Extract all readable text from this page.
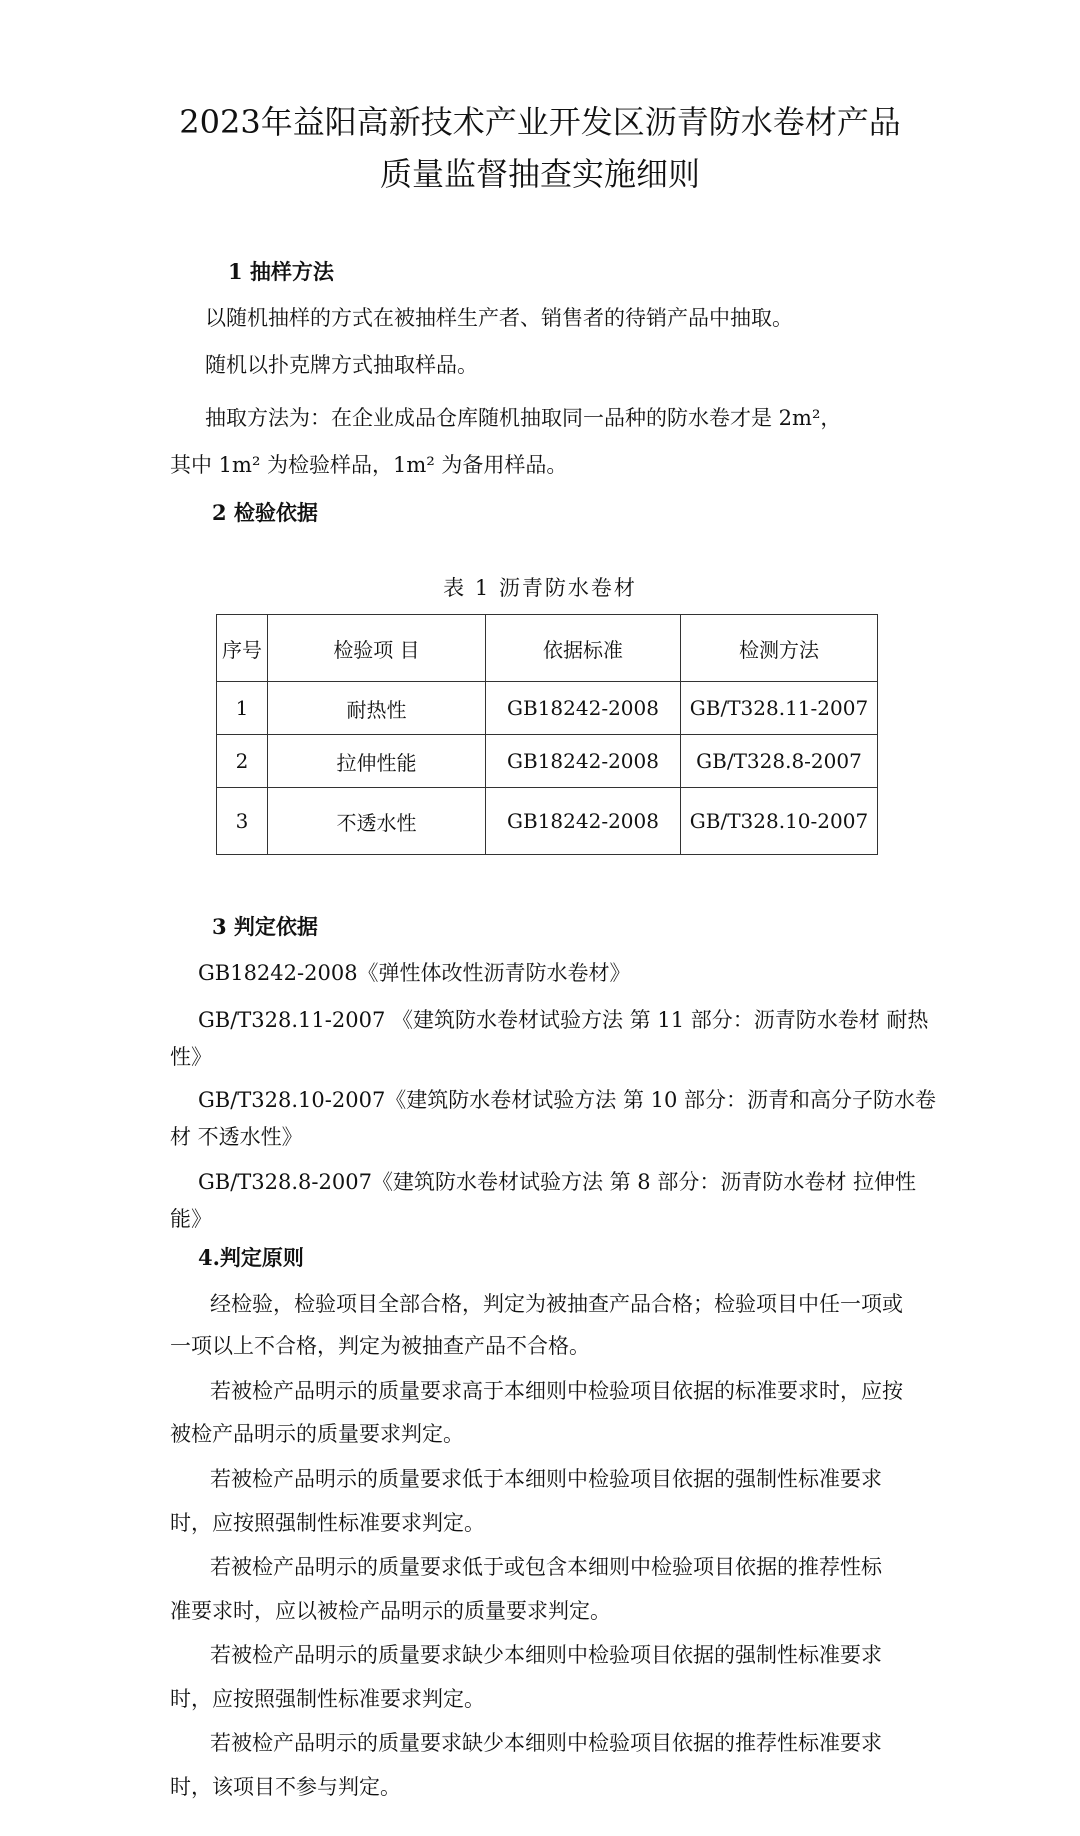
2023年益阳高新技术产业开发区沥青防水卷材产品
质量监督抽查实施细则
1 抽样方法
以随机抽样的方式在被抽样生产者、销售者的待销产品中抽取。
随机以扑克牌方式抽取样品。
抽取方法为：在企业成品仓库随机抽取同一品种的防水卷才是 2m²，
其中 1m² 为检验样品，1m² 为备用样品。
2 检验依据
表 1 沥青防水卷材
序号	检验项 目	依据标准	检测方法
1	耐热性	GB18242-2008	GB/T328.11-2007
2	拉伸性能	GB18242-2008	GB/T328.8-2007
3	不透水性	GB18242-2008	GB/T328.10-2007
3 判定依据
GB18242-2008《弹性体改性沥青防水卷材》
GB/T328.11-2007 《建筑防水卷材试验方法 第 11 部分：沥青防水卷材 耐热
性》
GB/T328.10-2007《建筑防水卷材试验方法 第 10 部分：沥青和高分子防水卷
材 不透水性》
GB/T328.8-2007《建筑防水卷材试验方法 第 8 部分：沥青防水卷材 拉伸性
能》
4.判定原则
经检验，检验项目全部合格，判定为被抽查产品合格；检验项目中任一项或
一项以上不合格，判定为被抽查产品不合格。
若被检产品明示的质量要求高于本细则中检验项目依据的标准要求时，应按
被检产品明示的质量要求判定。
若被检产品明示的质量要求低于本细则中检验项目依据的强制性标准要求
时，应按照强制性标准要求判定。
若被检产品明示的质量要求低于或包含本细则中检验项目依据的推荐性标
准要求时，应以被检产品明示的质量要求判定。
若被检产品明示的质量要求缺少本细则中检验项目依据的强制性标准要求
时，应按照强制性标准要求判定。
若被检产品明示的质量要求缺少本细则中检验项目依据的推荐性标准要求
时，该项目不参与判定。
